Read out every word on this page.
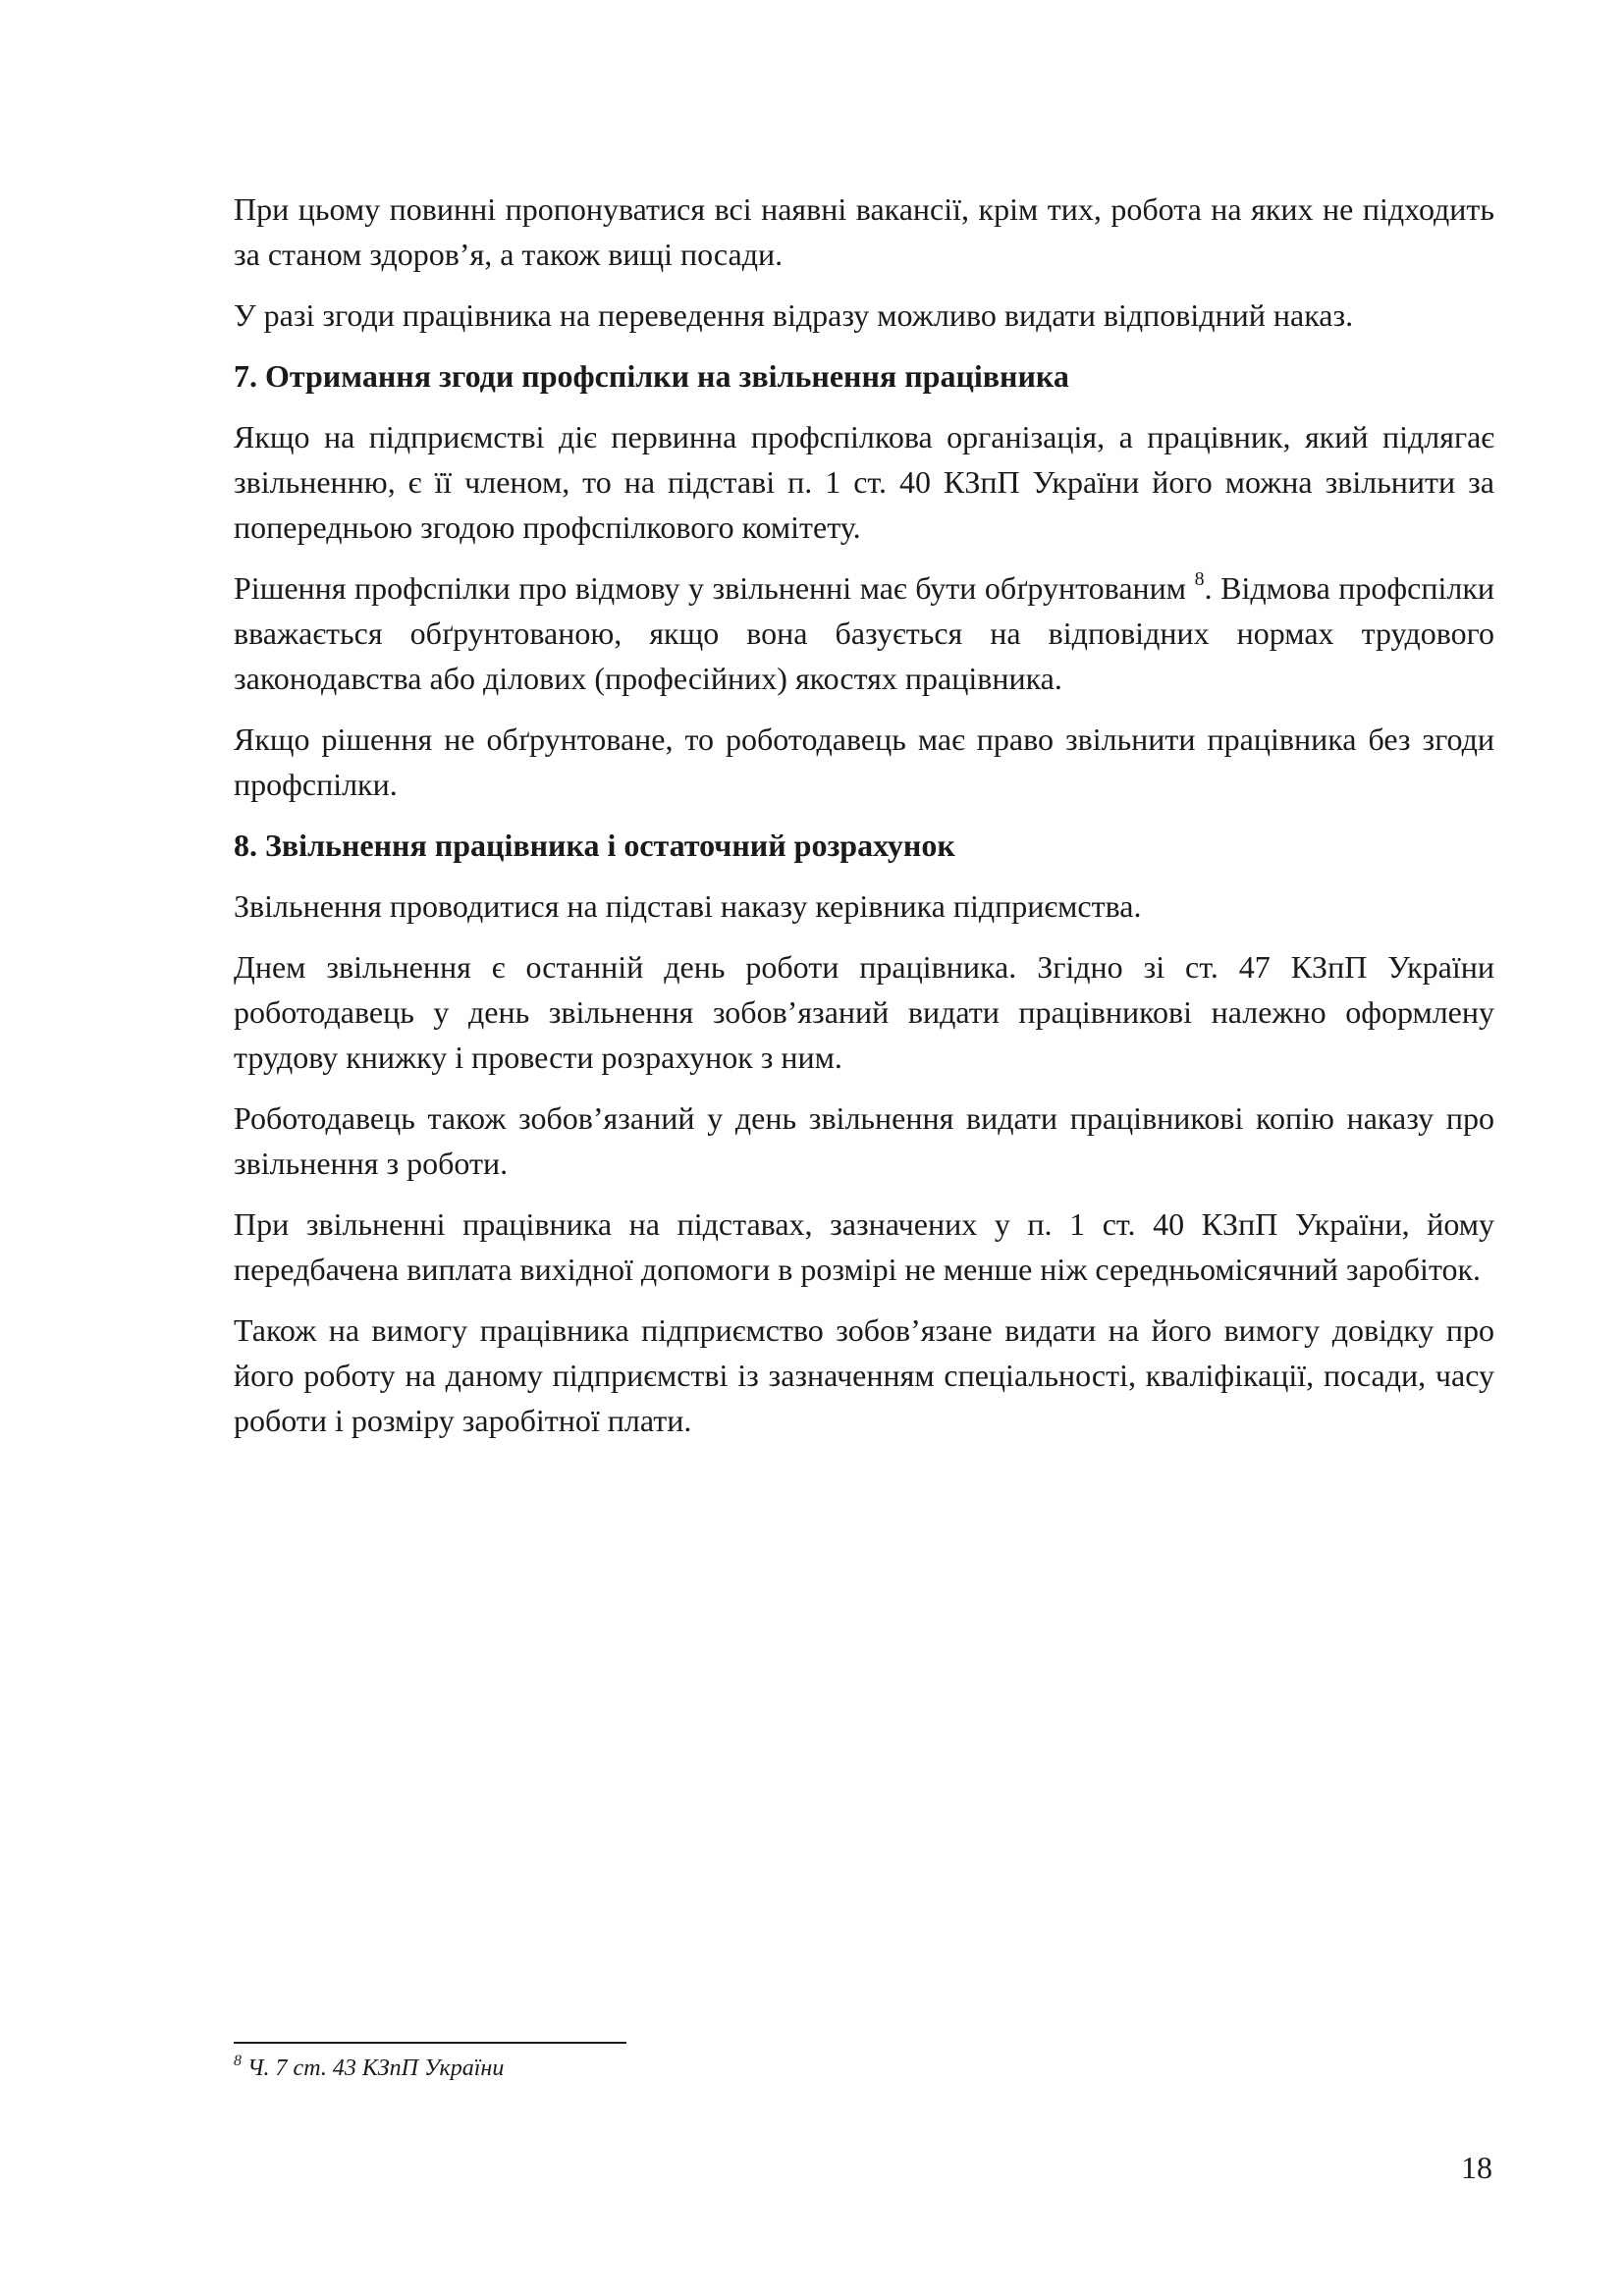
При цьому повинні пропонуватися всі наявні вакансії, крім тих, робота на яких не підходить за станом здоров’я, а також вищі посади.

У разі згоди працівника на переведення відразу можливо видати відповідний наказ.

7. Отримання згоди профспілки на звільнення працівника

Якщо на підприємстві діє первинна профспілкова організація, а працівник, який підлягає звільненню, є її членом, то на підставі п. 1 ст. 40 КЗпП України його можна звільнити за попередньою згодою профспілкового комітету.

Рішення профспілки про відмову у звільненні має бути обґрунтованим $^8$. Відмова профспілки вважається обґрунтованою, якщо вона базується на відповідних нормах трудового законодавства або ділових (професійних) якостях працівника.

Якщо рішення не обґрунтоване, то роботодавець має право звільнити працівника без згоди профспілки.

8. Звільнення працівника і остаточний розрахунок

Звільнення проводитися на підставі наказу керівника підприємства.

Днем звільнення є останній день роботи працівника. Згідно зі ст. 47 КЗпП України роботодавець у день звільнення зобов’язаний видати працівникові належно оформлену трудову книжку і провести розрахунок з ним.

Роботодавець також зобов’язаний у день звільнення видати працівникові копію наказу про звільнення з роботи.

При звільненні працівника на підставах, зазначених у п. 1 ст. 40 КЗпП України, йому передбачена виплата вихідної допомоги в розмірі не менше ніж середньомісячний заробіток.

Також на вимогу працівника підприємство зобов’язане видати на його вимогу довідку про його роботу на даному підприємстві із зазначенням спеціальності, кваліфікації, посади, часу роботи і розміру заробітної плати.

$^8$ Ч. 7 ст. 43 КЗпП України
18
